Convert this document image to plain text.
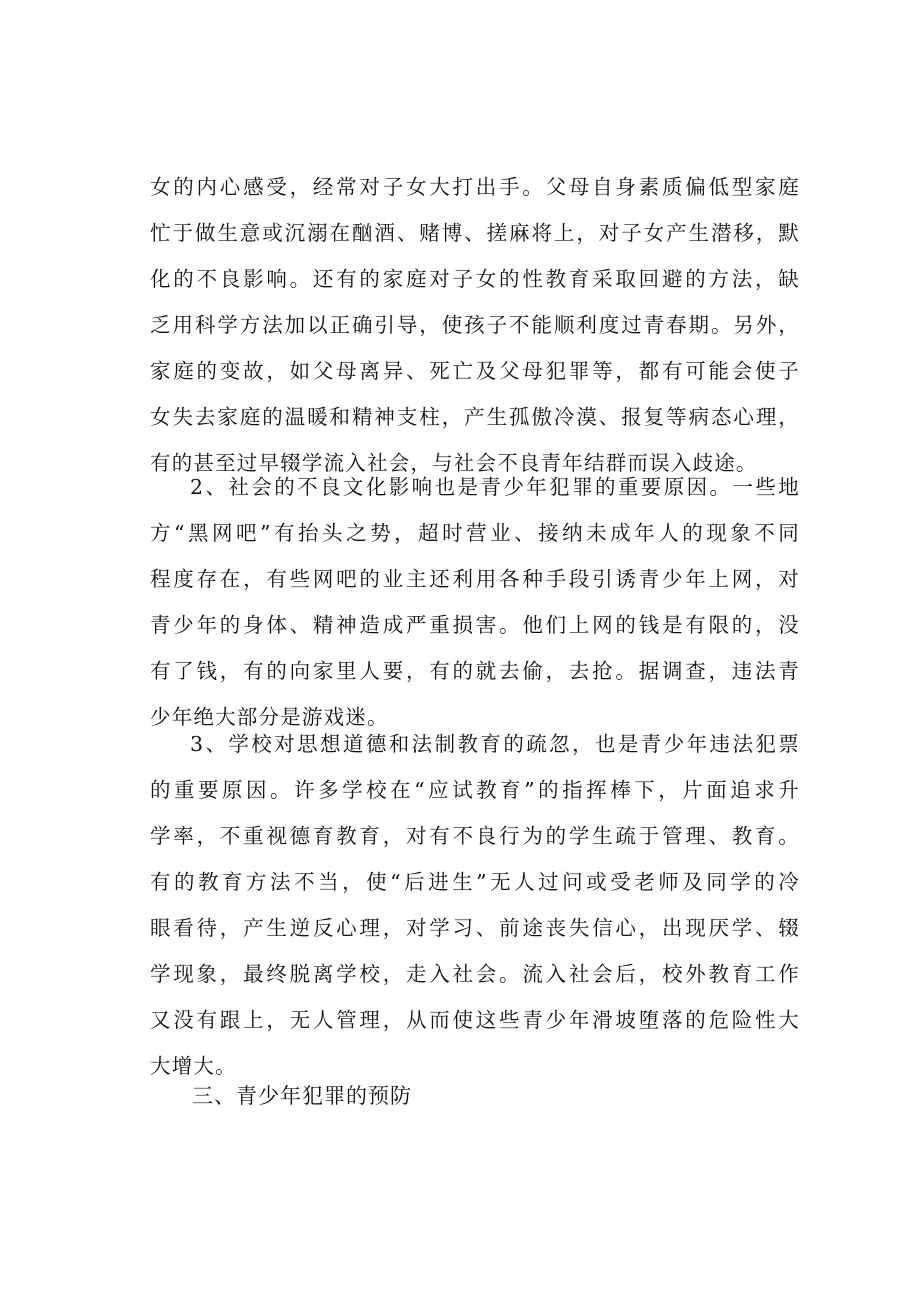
女的内心感受，经常对子女大打出手。父母自身素质偏低型家庭
忙于做生意或沉溺在酗酒、赌博、搓麻将上，对子女产生潜移，默
化的不良影响。还有的家庭对子女的性教育采取回避的方法，缺
乏用科学方法加以正确引导，使孩子不能顺利度过青春期。另外，
家庭的变故，如父母离异、死亡及父母犯罪等，都有可能会使子
女失去家庭的温暖和精神支柱，产生孤傲冷漠、报复等病态心理，
有的甚至过早辍学流入社会，与社会不良青年结群而误入歧途。
2、社会的不良文化影响也是青少年犯罪的重要原因。一些地
方“黑网吧”有抬头之势，超时营业、接纳未成年人的现象不同
程度存在，有些网吧的业主还利用各种手段引诱青少年上网，对
青少年的身体、精神造成严重损害。他们上网的钱是有限的，没
有了钱，有的向家里人要，有的就去偷，去抢。据调查，违法青
少年绝大部分是游戏迷。
3、学校对思想道德和法制教育的疏忽，也是青少年违法犯票
的重要原因。许多学校在“应试教育”的指挥棒下，片面追求升
学率，不重视德育教育，对有不良行为的学生疏于管理、教育。
有的教育方法不当，使“后进生”无人过问或受老师及同学的冷
眼看待，产生逆反心理，对学习、前途丧失信心，出现厌学、辍
学现象，最终脱离学校，走入社会。流入社会后，校外教育工作
又没有跟上，无人管理，从而使这些青少年滑坡堕落的危险性大
大增大。
三、青少年犯罪的预防
